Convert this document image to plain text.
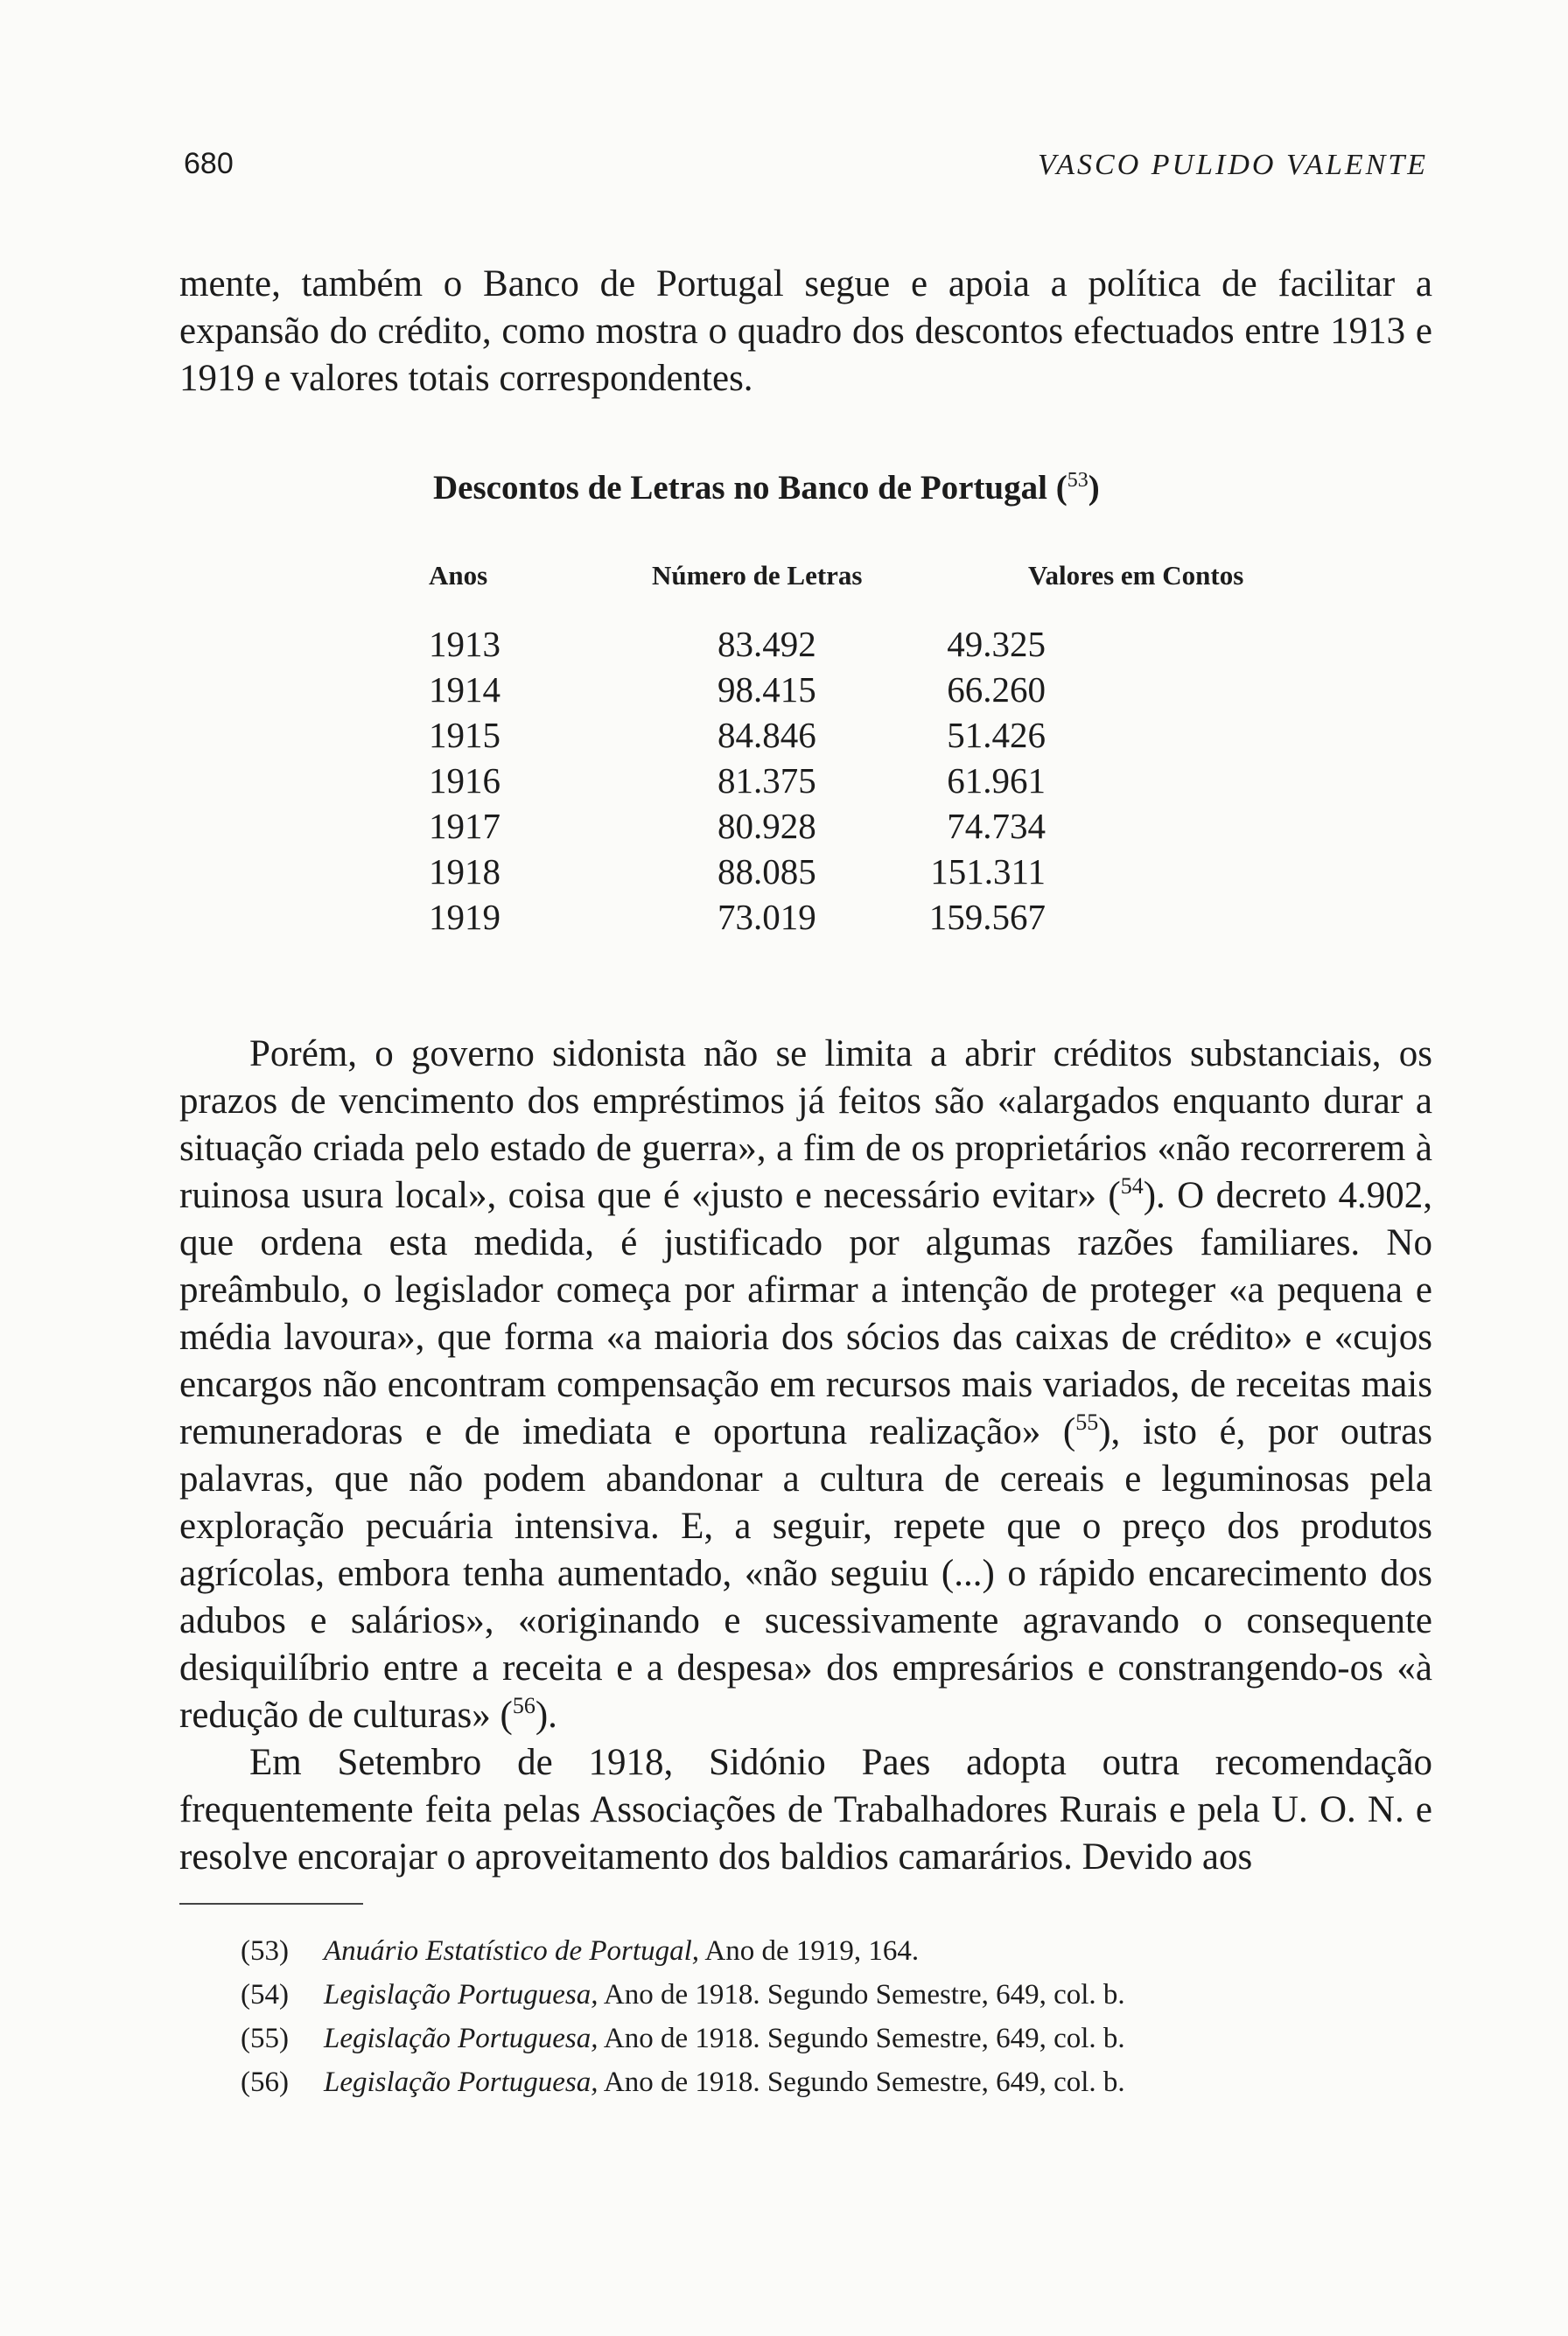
680	VASCO PULIDO VALENTE

mente, também o Banco de Portugal segue e apoia a política de facilitar a expansão do crédito, como mostra o quadro dos descontos efectuados entre 1913 e 1919 e valores totais correspondentes.

Descontos de Letras no Banco de Portugal ($^{53}$)
Anos	Número de Letras	Valores em Contos
1913	83.492	49.325
1914	98.415	66.260
1915	84.846	51.426
1916	81.375	61.961
1917	80.928	74.734
1918	88.085	151.311
1919	73.019	159.567

Porém, o governo sidonista não se limita a abrir créditos substanciais, os prazos de vencimento dos empréstimos já feitos são «alargados enquanto durar a situação criada pelo estado de guerra», a fim de os proprietários «não recorrerem à ruinosa usura local», coisa que é «justo e necessário evitar» ($^{54}$). O decreto 4.902, que ordena esta medida, é justificado por algumas razões familiares. No preâmbulo, o legislador começa por afirmar a intenção de proteger «a pequena e média lavoura», que forma «a maioria dos sócios das caixas de crédito» e «cujos encargos não encontram compensação em recursos mais variados, de receitas mais remuneradoras e de imediata e oportuna realização» ($^{55}$), isto é, por outras palavras, que não podem abandonar a cultura de cereais e leguminosas pela exploração pecuária intensiva. E, a seguir, repete que o preço dos produtos agrícolas, embora tenha aumentado, «não seguiu (...) o rápido encarecimento dos adubos e salários», «originando e sucessivamente agravando o consequente desiquilíbrio entre a receita e a despesa» dos empresários e constrangendo-os «à redução de culturas» ($^{56}$).

Em Setembro de 1918, Sidónio Paes adopta outra recomendação frequentemente feita pelas Associações de Trabalhadores Rurais e pela U. O. N. e resolve encorajar o aproveitamento dos baldios camarários. Devido aos

(53) Anuário Estatístico de Portugal, Ano de 1919, 164.
(54) Legislação Portuguesa, Ano de 1918. Segundo Semestre, 649, col. b.
(55) Legislação Portuguesa, Ano de 1918. Segundo Semestre, 649, col. b.
(56) Legislação Portuguesa, Ano de 1918. Segundo Semestre, 649, col. b.
